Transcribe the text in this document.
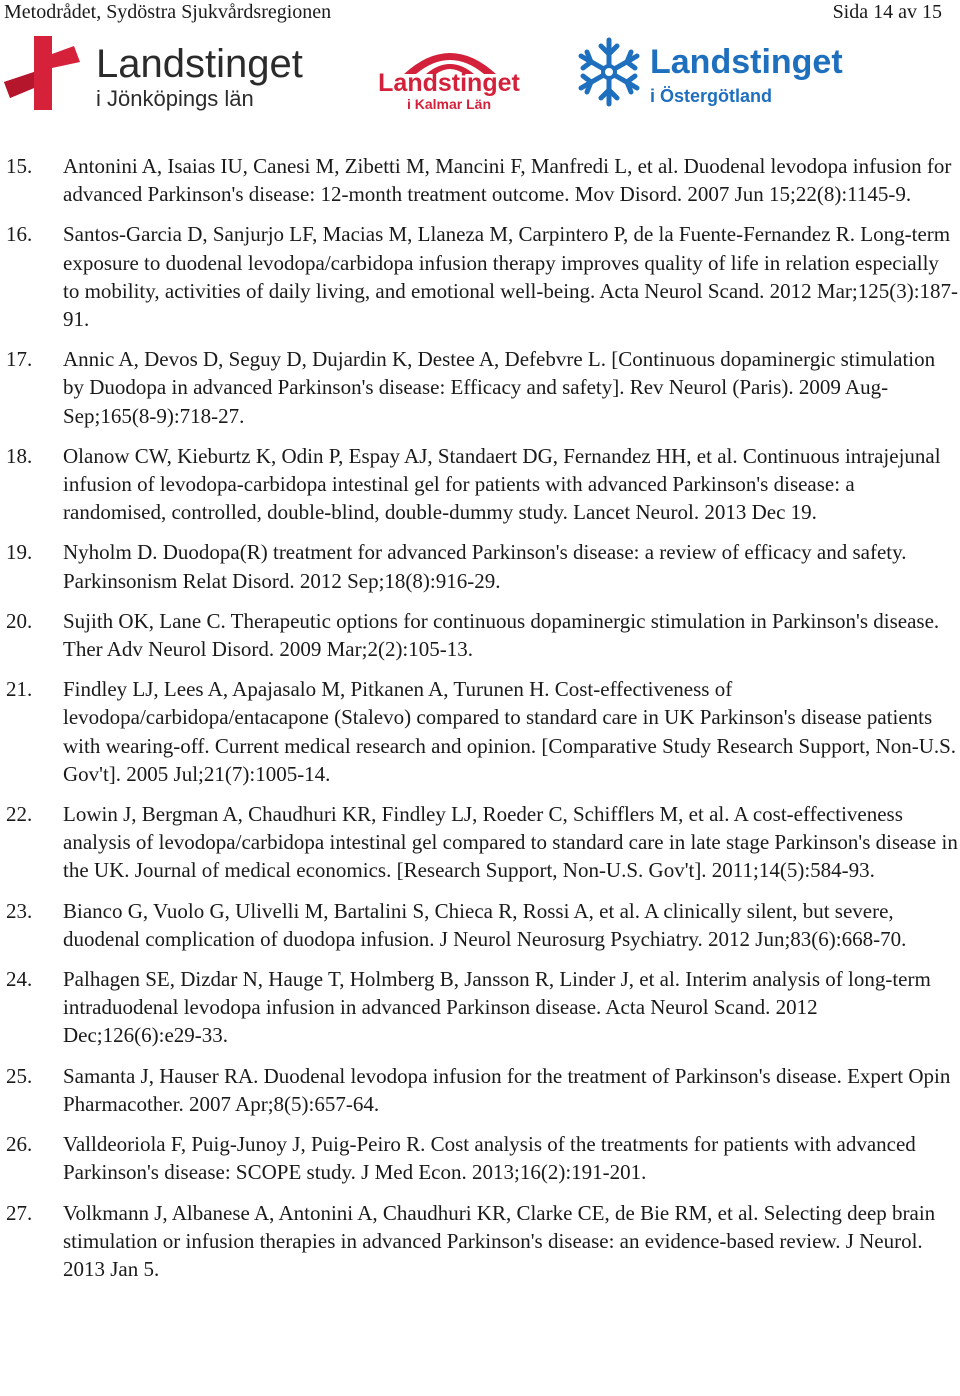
Metodrådet, Sydöstra Sjukvårdsregionen	Sida 14 av 15
Landstinget
i Jönköpings län
Landstinget
i Kalmar Län
Landstinget
i Östergötland
15. Antonini A, Isaias IU, Canesi M, Zibetti M, Mancini F, Manfredi L, et al. Duodenal levodopa infusion for advanced Parkinson's disease: 12-month treatment outcome. Mov Disord. 2007 Jun 15;22(8):1145-9.
16. Santos-Garcia D, Sanjurjo LF, Macias M, Llaneza M, Carpintero P, de la Fuente-Fernandez R. Long-term exposure to duodenal levodopa/carbidopa infusion therapy improves quality of life in relation especially to mobility, activities of daily living, and emotional well-being. Acta Neurol Scand. 2012 Mar;125(3):187-91.
17. Annic A, Devos D, Seguy D, Dujardin K, Destee A, Defebvre L. [Continuous dopaminergic stimulation by Duodopa in advanced Parkinson's disease: Efficacy and safety]. Rev Neurol (Paris). 2009 Aug-Sep;165(8-9):718-27.
18. Olanow CW, Kieburtz K, Odin P, Espay AJ, Standaert DG, Fernandez HH, et al. Continuous intrajejunal infusion of levodopa-carbidopa intestinal gel for patients with advanced Parkinson's disease: a randomised, controlled, double-blind, double-dummy study. Lancet Neurol. 2013 Dec 19.
19. Nyholm D. Duodopa(R) treatment for advanced Parkinson's disease: a review of efficacy and safety. Parkinsonism Relat Disord. 2012 Sep;18(8):916-29.
20. Sujith OK, Lane C. Therapeutic options for continuous dopaminergic stimulation in Parkinson's disease. Ther Adv Neurol Disord. 2009 Mar;2(2):105-13.
21. Findley LJ, Lees A, Apajasalo M, Pitkanen A, Turunen H. Cost-effectiveness of levodopa/carbidopa/entacapone (Stalevo) compared to standard care in UK Parkinson's disease patients with wearing-off. Current medical research and opinion. [Comparative Study Research Support, Non-U.S. Gov't]. 2005 Jul;21(7):1005-14.
22. Lowin J, Bergman A, Chaudhuri KR, Findley LJ, Roeder C, Schifflers M, et al. A cost-effectiveness analysis of levodopa/carbidopa intestinal gel compared to standard care in late stage Parkinson's disease in the UK. Journal of medical economics. [Research Support, Non-U.S. Gov't]. 2011;14(5):584-93.
23. Bianco G, Vuolo G, Ulivelli M, Bartalini S, Chieca R, Rossi A, et al. A clinically silent, but severe, duodenal complication of duodopa infusion. J Neurol Neurosurg Psychiatry. 2012 Jun;83(6):668-70.
24. Palhagen SE, Dizdar N, Hauge T, Holmberg B, Jansson R, Linder J, et al. Interim analysis of long-term intraduodenal levodopa infusion in advanced Parkinson disease. Acta Neurol Scand. 2012 Dec;126(6):e29-33.
25. Samanta J, Hauser RA. Duodenal levodopa infusion for the treatment of Parkinson's disease. Expert Opin Pharmacother. 2007 Apr;8(5):657-64.
26. Valldeoriola F, Puig-Junoy J, Puig-Peiro R. Cost analysis of the treatments for patients with advanced Parkinson's disease: SCOPE study. J Med Econ. 2013;16(2):191-201.
27. Volkmann J, Albanese A, Antonini A, Chaudhuri KR, Clarke CE, de Bie RM, et al. Selecting deep brain stimulation or infusion therapies in advanced Parkinson's disease: an evidence-based review. J Neurol. 2013 Jan 5.
